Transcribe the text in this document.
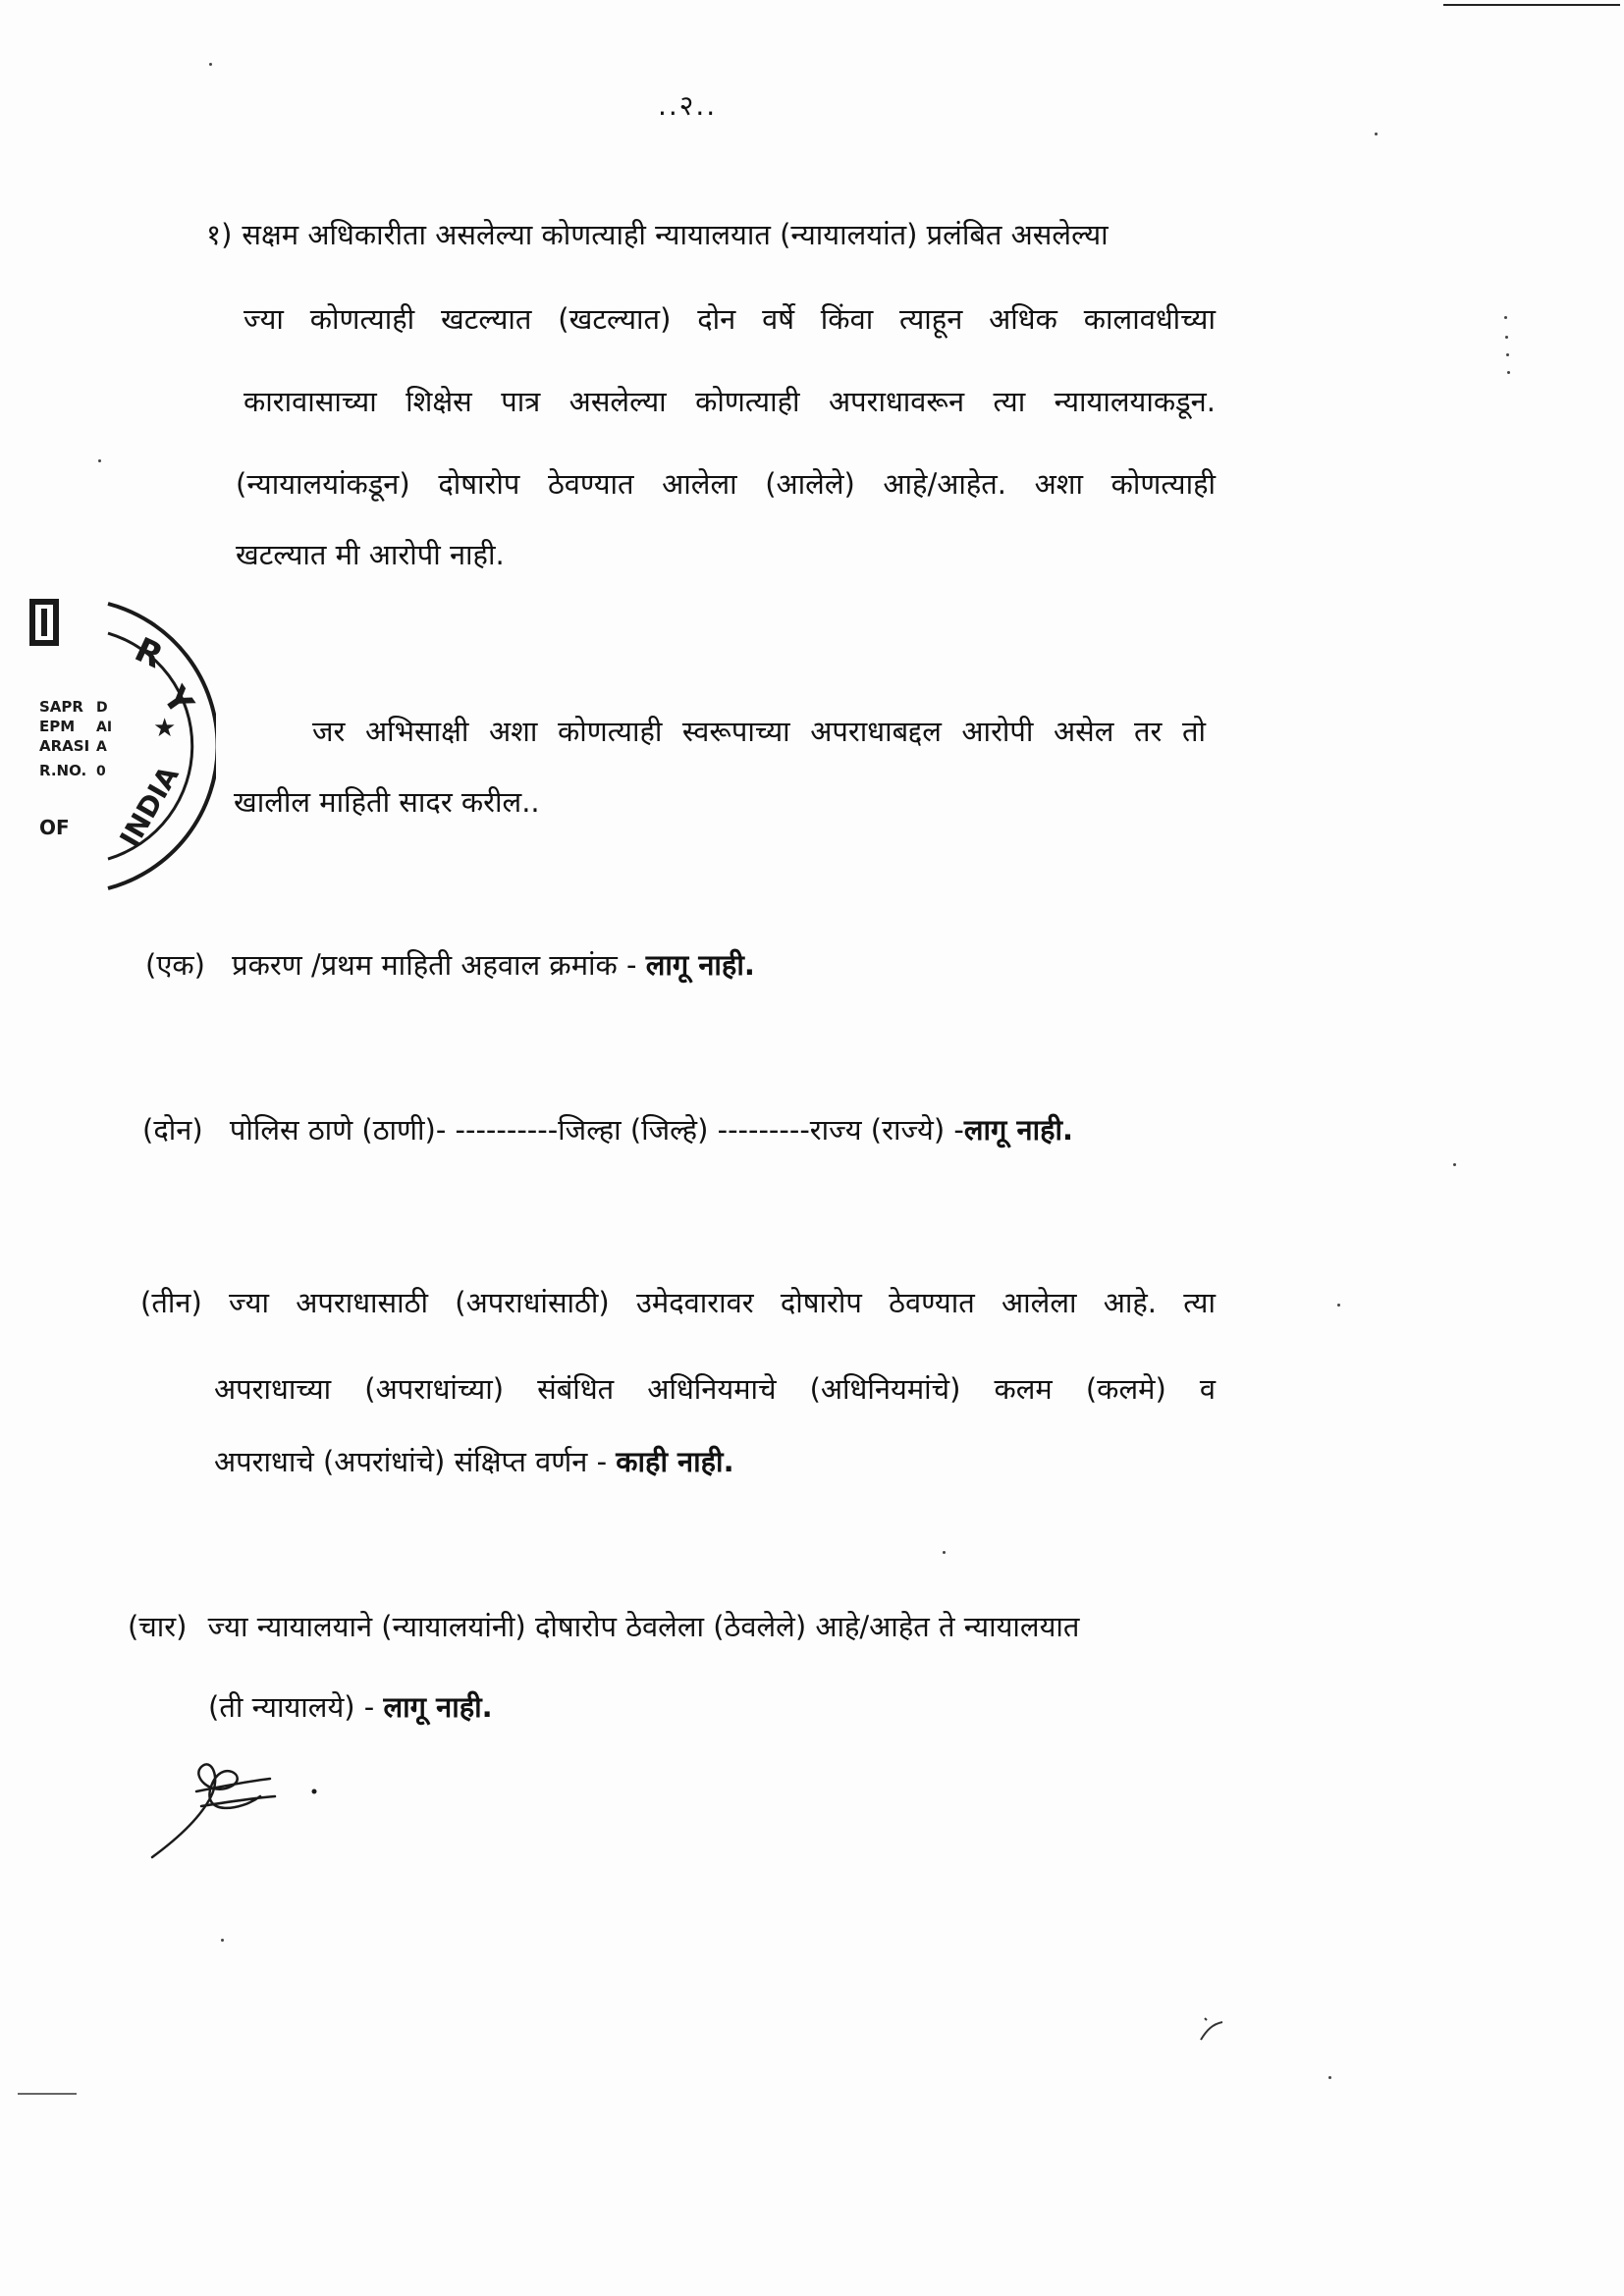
..२..
१) सक्षम अधिकारीता असलेल्या कोणत्याही न्यायालयात (न्यायालयांत) प्रलंबित असलेल्या
ज्या कोणत्याही खटल्यात (खटल्यात) दोन वर्षे किंवा त्याहून अधिक कालावधीच्या
कारावासाच्या शिक्षेस पात्र असलेल्या कोणत्याही अपराधावरून त्या न्यायालयाकडून.
(न्यायालयांकडून) दोषारोप ठेवण्यात आलेला (आलेले) आहे/आहेत. अशा कोणत्याही
खटल्यात मी आरोपी नाही.
R
Y
★
INDIA
SAPR
EPM
ARASI
R.NO.
OF
D
AI
A
0
जर अभिसाक्षी अशा कोणत्याही स्वरूपाच्या अपराधाबद्दल आरोपी असेल तर तो
खालील माहिती सादर करील..
(एक) प्रकरण /प्रथम माहिती अहवाल क्रमांक - लागू नाही.
(दोन) पोलिस ठाणे (ठाणी)- ----------जिल्हा (जिल्हे) ---------राज्य (राज्ये) -लागू नाही.
(तीन) ज्या अपराधासाठी (अपराधांसाठी) उमेदवारावर दोषारोप ठेवण्यात आलेला आहे. त्या
अपराधाच्या (अपराधांच्या) संबंधित अधिनियमाचे (अधिनियमांचे) कलम (कलमे) व
अपराधाचे (अपरांधांचे) संक्षिप्त वर्णन - काही नाही.
(चार) ज्या न्यायालयाने (न्यायालयांनी) दोषारोप ठेवलेला (ठेवलेले) आहे/आहेत ते न्यायालयात
(ती न्यायालये) - लागू नाही.
